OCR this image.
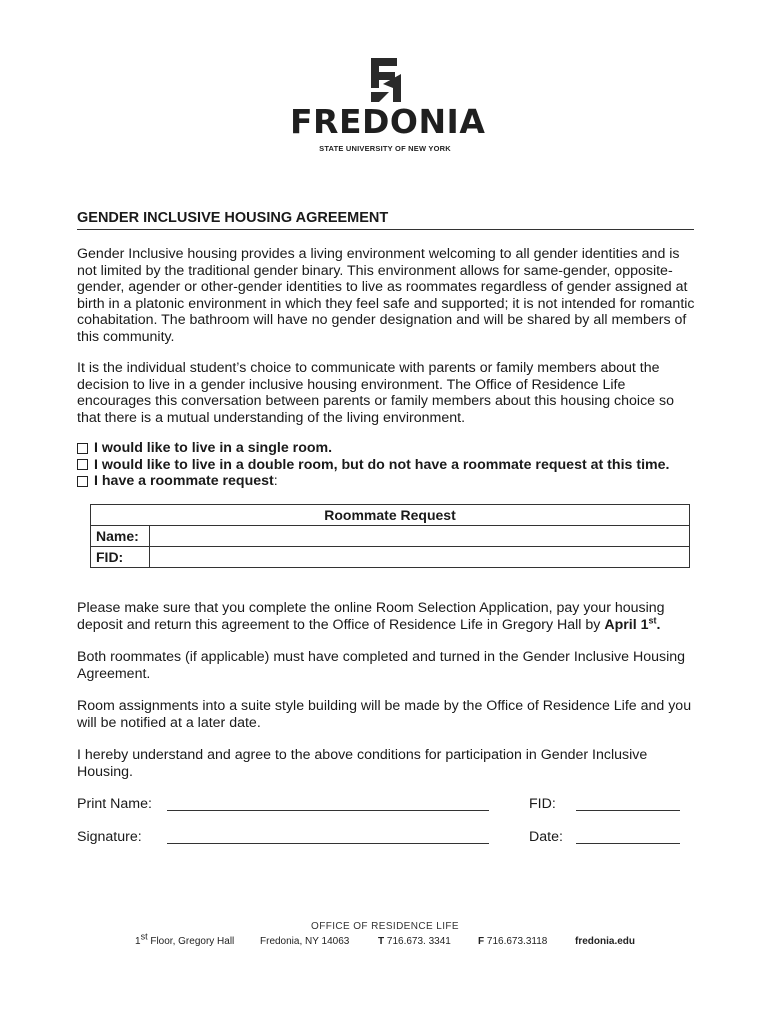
FREDONIA
STATE UNIVERSITY OF NEW YORK
GENDER INCLUSIVE HOUSING AGREEMENT

Gender Inclusive housing provides a living environment welcoming to all gender identities and is not limited by the traditional gender binary. This environment allows for same-gender, opposite-gender, agender or other-gender identities to live as roommates regardless of gender assigned at birth in a platonic environment in which they feel safe and supported; it is not intended for romantic cohabitation. The bathroom will have no gender designation and will be shared by all members of this community.

It is the individual student’s choice to communicate with parents or family members about the decision to live in a gender inclusive housing environment. The Office of Residence Life encourages this conversation between parents or family members about this housing choice so that there is a mutual understanding of the living environment.

I would like to live in a single room.
I would like to live in a double room, but do not have a roommate request at this time.
I have a roommate request :
Roommate Request	
Name:	
FID:	

Please make sure that you complete the online Room Selection Application, pay your housing deposit and return this agreement to the Office of Residence Life in Gregory Hall by April 1st.

Both roommates (if applicable) must have completed and turned in the Gender Inclusive Housing Agreement.

Room assignments into a suite style building will be made by the Office of Residence Life and you will be notified at a later date.

I hereby understand and agree to the above conditions for participation in Gender Inclusive Housing.

Print Name:	FID:
Signature:	Date:
OFFICE OF RESIDENCE LIFE
1st Floor, Gregory Hall	Fredonia, NY 14063	T 716.673. 3341	F 716.673.3118	fredonia.edu
